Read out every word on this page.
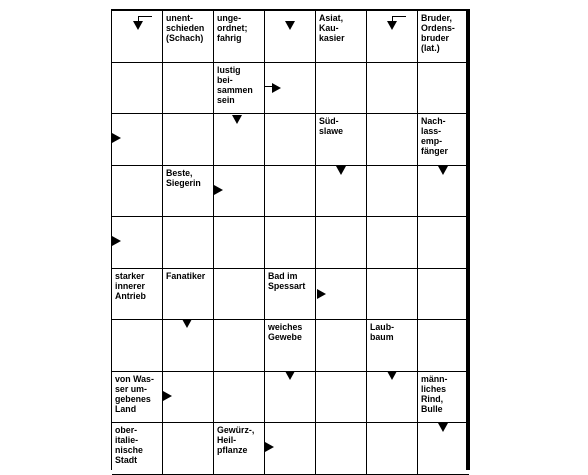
unent-
schieden
(Schach)
unge-
ordnet;
fahrig
Asiat,
Kau-
kasier
Bruder,
Ordens-
bruder
(lat.)
lustig
bei-
sammen
sein
Süd-
slawe
Nach-
lass-
emp-
fänger
Beste,
Siegerin
starker
innerer
Antrieb
Fanatiker	Bad im
Spessart
weiches
Gewebe
Laub-
baum
von Was-
ser um-
gebenes
Land
männ-
liches
Rind,
Bulle
ober-
italie-
nische
Stadt
Gewürz-,
Heil-
pflanze
